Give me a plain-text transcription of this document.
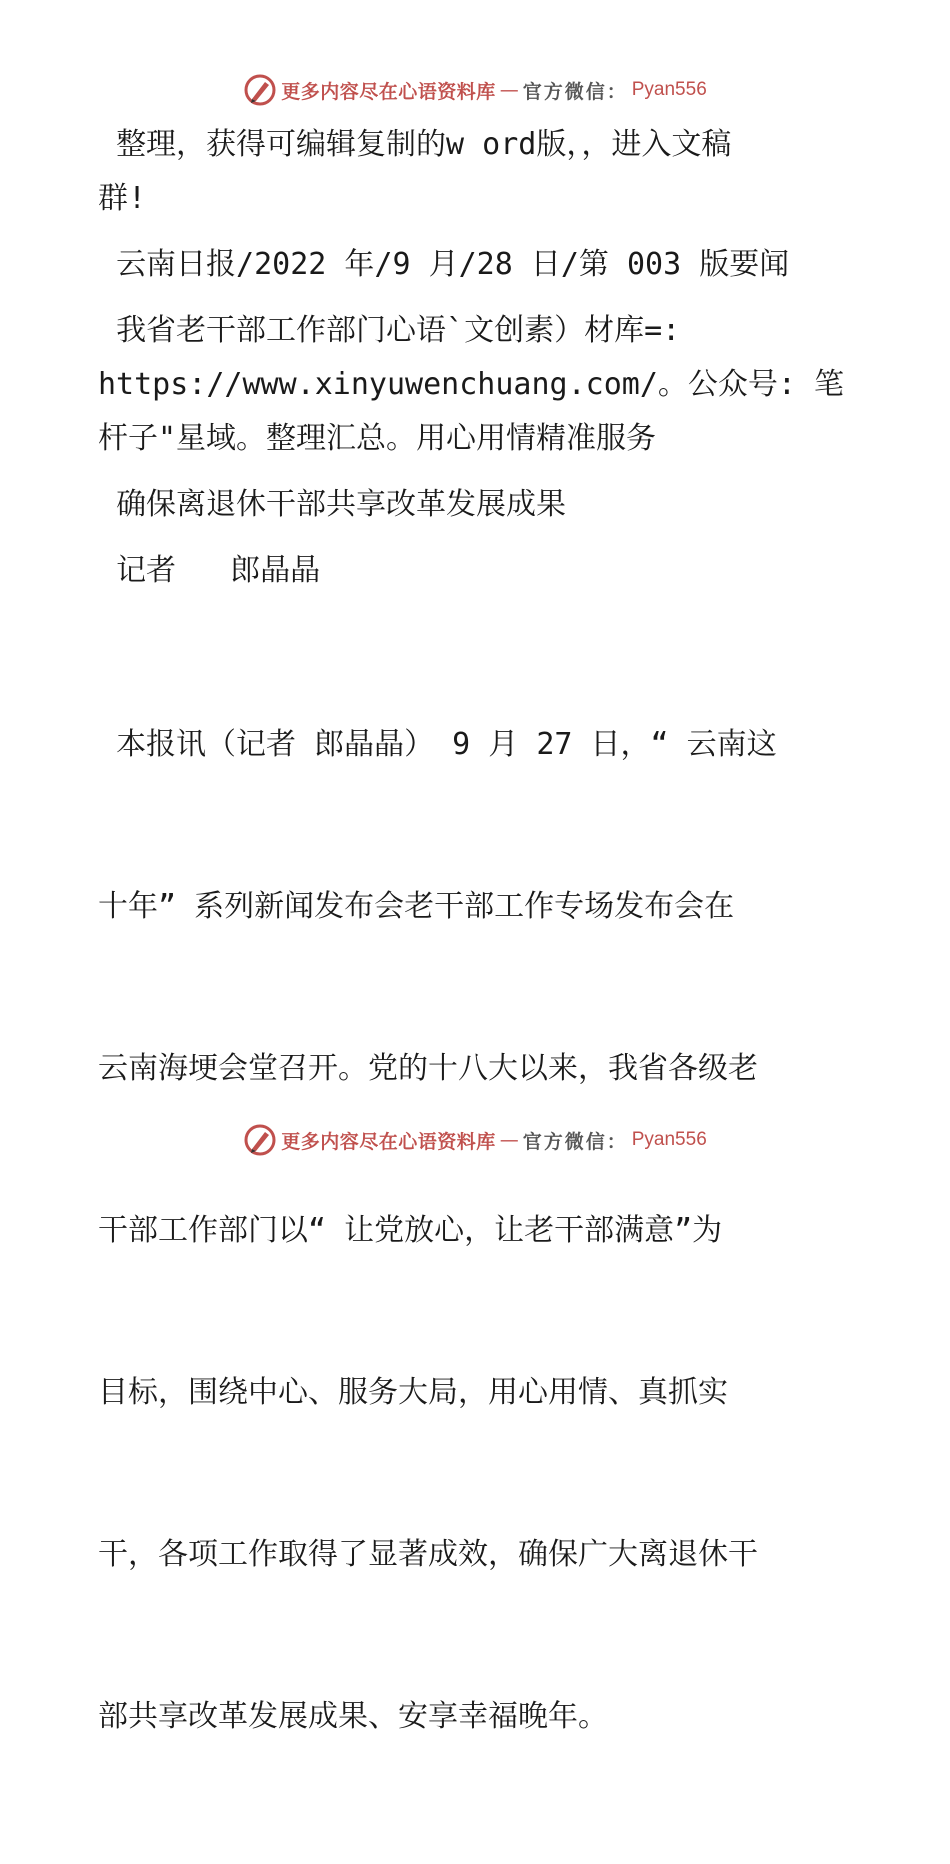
更多内容尽在心语资料库 — 官方微信： Pyan556
整理，获得可编辑复制的w ord版，，进入文稿
群!
云南日报/2022 年/9 月/28 日/第 003 版要闻
我省老干部工作部门心语`文创素）材库=:
https://www.xinyuwenchuang.com/。公众号: 笔
杆子"星域。整理汇总。用心用情精准服务
确保离退休干部共享改革发展成果
记者   郎晶晶

本报讯（记者 郎晶晶） 9 月 27 日，“ 云南这

十年” 系列新闻发布会老干部工作专场发布会在

云南海埂会堂召开。党的十八大以来，我省各级老

干部工作部门以“ 让党放心，让老干部满意”为

目标，围绕中心、服务大局，用心用情、真抓实

干，各项工作取得了显著成效，确保广大离退休干

部共享改革发展成果、安享幸福晚年。

更多内容尽在心语资料库 — 官方微信： Pyan556
